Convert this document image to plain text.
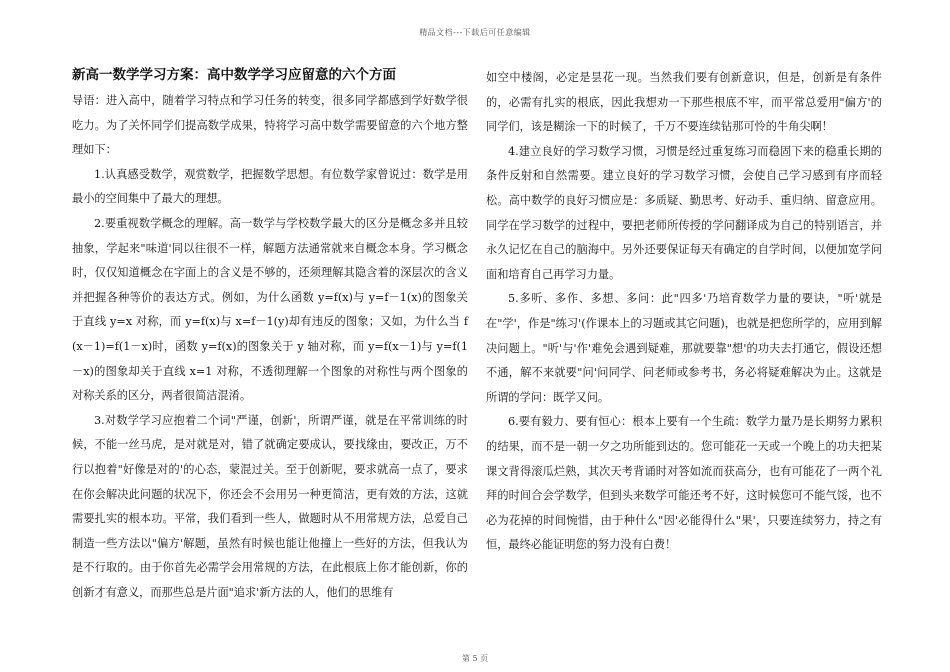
精品文档---下载后可任意编辑
新高一数学学习方案：高中数学学习应留意的六个方面

导语：进入高中，随着学习特点和学习任务的转变，很多同学都感到学好数学很吃力。为了关怀同学们提高数学成果，特将学习高中数学需要留意的六个地方整理如下：

1.认真感受数学，观赏数学，把握数学思想。有位数学家曾说过：数学是用最小的空间集中了最大的理想。

2.要重视数学概念的理解。高一数学与学校数学最大的区分是概念多并且较抽象，学起来"味道'同以往很不一样，解题方法通常就来自概念本身。学习概念时，仅仅知道概念在字面上的含义是不够的，还须理解其隐含着的深层次的含义并把握各种等价的表达方式。例如，为什么函数 y=f(x)与 y=f－1(x)的图象关于直线 y=x 对称，而 y=f(x)与 x=f－1(y)却有违反的图象；又如，为什么当 f(x－1)=f(1－x)时，函数 y=f(x)的图象关于 y 轴对称，而 y=f(x－1)与 y=f(1－x)的图象却关于直线 x=1 对称，不透彻理解一个图象的对称性与两个图象的对称关系的区分，两者很简洁混淆。

3.对数学学习应抱着二个词"严谨，创新'，所谓严谨，就是在平常训练的时候，不能一丝马虎，是对就是对，错了就确定要成认，要找缘由，要改正，万不行以抱着"好像是对的'的心态，蒙混过关。至于创新呢，要求就高一点了，要求在你会解决此问题的状况下，你还会不会用另一种更简洁，更有效的方法，这就需要扎实的根本功。平常，我们看到一些人，做题时从不用常规方法，总爱自己制造一些方法以"偏方'解题，虽然有时候也能让他撞上一些好的方法，但我认为是不行取的。由于你首先必需学会用常规的方法，在此根底上你才能创新，你的创新才有意义，而那些总是片面"追求'新方法的人，他们的思维有

如空中楼阁，必定是昙花一现。当然我们要有创新意识，但是，创新是有条件的，必需有扎实的根底，因此我想劝一下那些根底不牢，而平常总爱用"偏方'的同学们，该是糊涂一下的时候了，千万不要连续钻那可怜的牛角尖啊！

4.建立良好的学习数学习惯，习惯是经过重复练习而稳固下来的稳重长期的条件反射和自然需要。建立良好的学习数学习惯，会使自己学习感到有序而轻松。高中数学的良好习惯应是：多质疑、勤思考、好动手、重归纳、留意应用。同学在学习数学的过程中，要把老师所传授的学问翻译成为自己的特别语言，并永久记忆在自己的脑海中。另外还要保证每天有确定的自学时间，以便加宽学问面和培育自己再学习力量。

5.多听、多作、多想、多问：此"四多'乃培育数学力量的要诀，"听'就是在"学'，作是"练习'(作课本上的习题或其它问题)，也就是把您所学的，应用到解决问题上。"听'与'作'难免会遇到疑难，那就要靠"想'的功夫去打通它，假设还想不通，解不来就要"问'问同学、问老师或参考书，务必将疑难解决为止。这就是所谓的学问：既学又问。

6.要有毅力、要有恒心：根本上要有一个生疏：数学力量乃是长期努力累积的结果，而不是一朝一夕之功所能到达的。您可能花一天或一个晚上的功夫把某课文背得滚瓜烂熟，其次天考背诵时对答如流而获高分，也有可能花了一两个礼拜的时间合会学数学，但到头来数学可能还考不好，这时候您可不能气馁，也不必为花掉的时间惋惜，由于种什么"因'必能得什么"果'，只要连续努力，持之有恒，最终必能证明您的努力没有白费！

第 5 页
